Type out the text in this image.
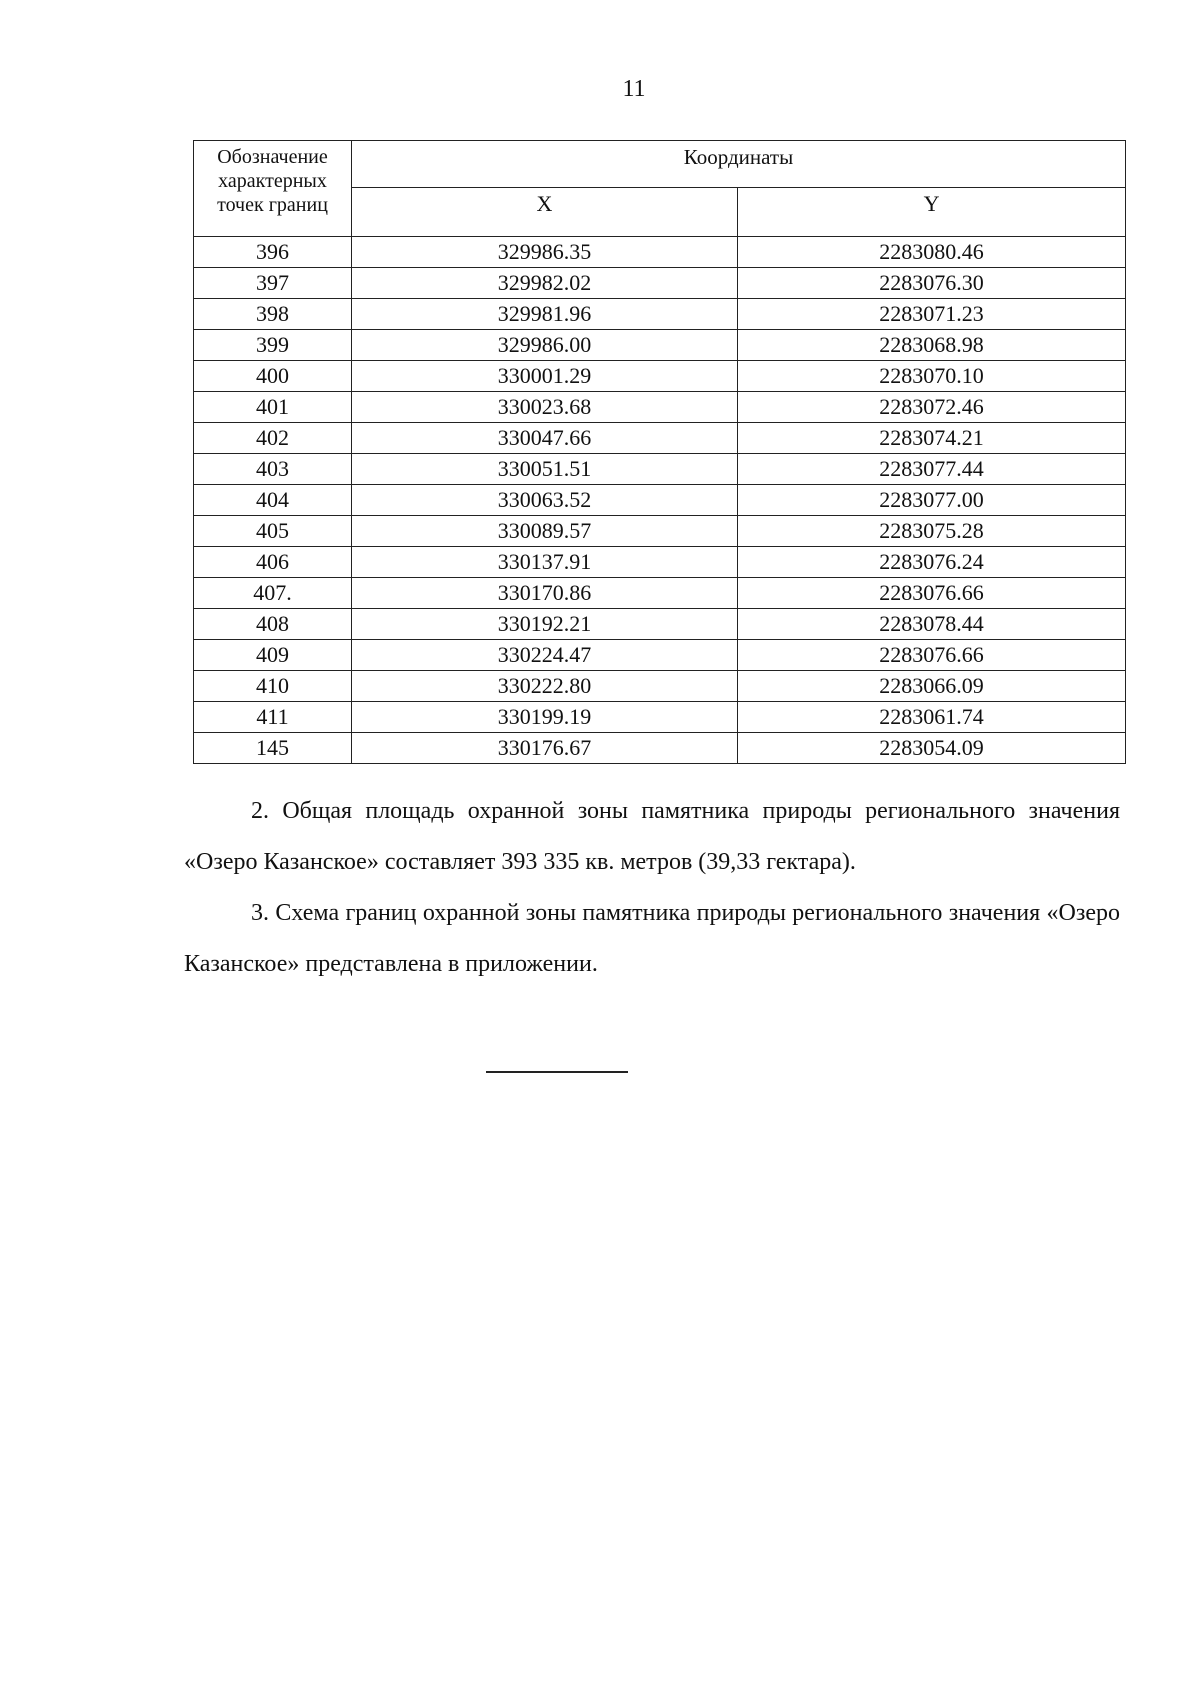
11
Обозначение характерных точек границ	Координаты	
	X	Y
396	329986.35	2283080.46
397	329982.02	2283076.30
398	329981.96	2283071.23
399	329986.00	2283068.98
400	330001.29	2283070.10
401	330023.68	2283072.46
402	330047.66	2283074.21
403	330051.51	2283077.44
404	330063.52	2283077.00
405	330089.57	2283075.28
406	330137.91	2283076.24
407.	330170.86	2283076.66
408	330192.21	2283078.44
409	330224.47	2283076.66
410	330222.80	2283066.09
411	330199.19	2283061.74
145	330176.67	2283054.09

2. Общая площадь охранной зоны памятника природы регионального значения «Озеро Казанское» составляет 393 335 кв. метров (39,33 гектара).

3. Схема границ охранной зоны памятника природы регионального значения «Озеро Казанское» представлена в приложении.
